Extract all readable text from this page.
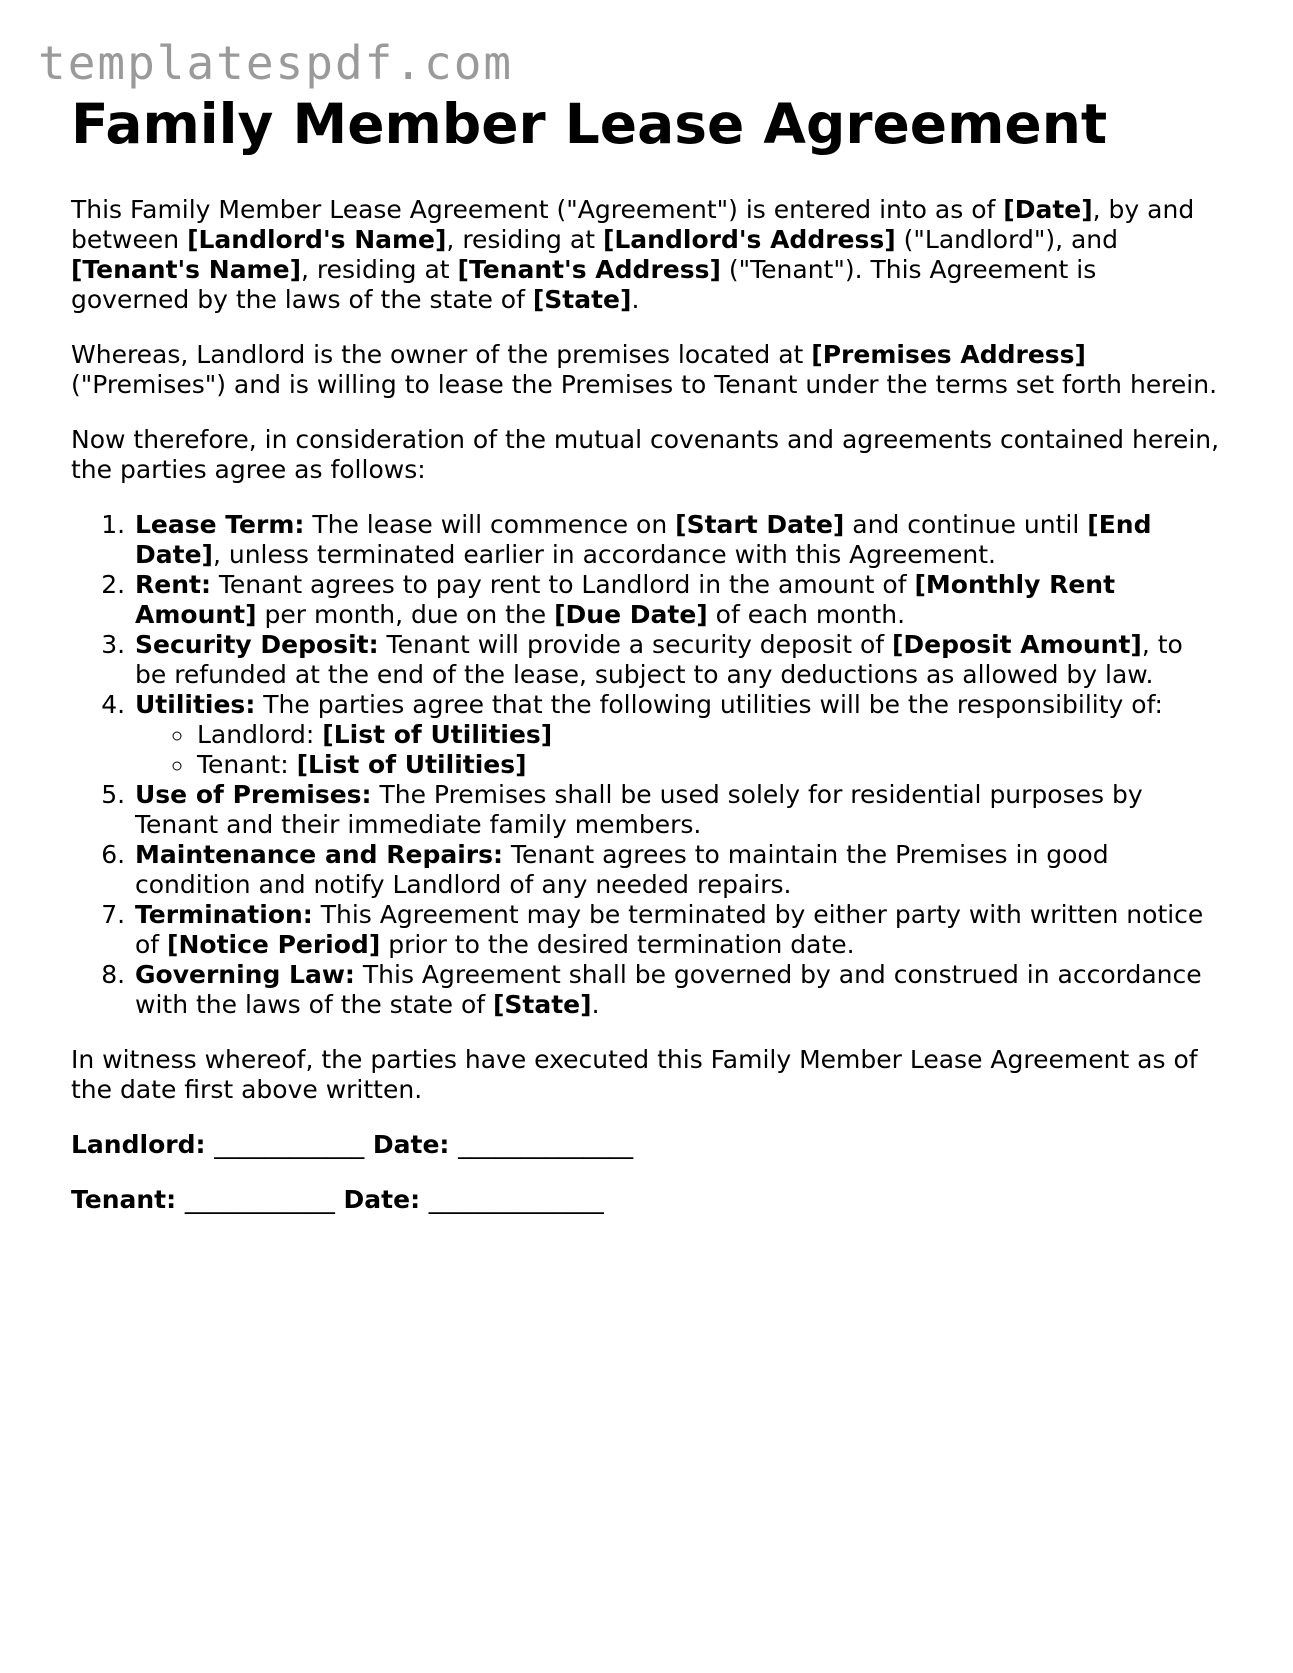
templatespdf.com
Family Member Lease Agreement

This Family Member Lease Agreement ("Agreement") is entered into as of [Date], by and between [Landlord's Name], residing at [Landlord's Address] ("Landlord"), and [Tenant's Name], residing at [Tenant's Address] ("Tenant"). This Agreement is governed by the laws of the state of [State].

Whereas, Landlord is the owner of the premises located at [Premises Address] ("Premises") and is willing to lease the Premises to Tenant under the terms set forth herein.

Now therefore, in consideration of the mutual covenants and agreements contained herein, the parties agree as follows:

1. Lease Term: The lease will commence on [Start Date] and continue until [End Date], unless terminated earlier in accordance with this Agreement.
2. Rent: Tenant agrees to pay rent to Landlord in the amount of [Monthly Rent Amount] per month, due on the [Due Date] of each month.
3. Security Deposit: Tenant will provide a security deposit of [Deposit Amount], to be refunded at the end of the lease, subject to any deductions as allowed by law.
4. Utilities: The parties agree that the following utilities will be the responsibility of:
◦ Landlord: [List of Utilities]
◦ Tenant: [List of Utilities]
5. Use of Premises: The Premises shall be used solely for residential purposes by Tenant and their immediate family members.
6. Maintenance and Repairs: Tenant agrees to maintain the Premises in good condition and notify Landlord of any needed repairs.
7. Termination: This Agreement may be terminated by either party with written notice of [Notice Period] prior to the desired termination date.
8. Governing Law: This Agreement shall be governed by and construed in accordance with the laws of the state of [State].

In witness whereof, the parties have executed this Family Member Lease Agreement as of the date first above written.

Landlord: ____________ Date: ______________

Tenant: ____________ Date: ______________
